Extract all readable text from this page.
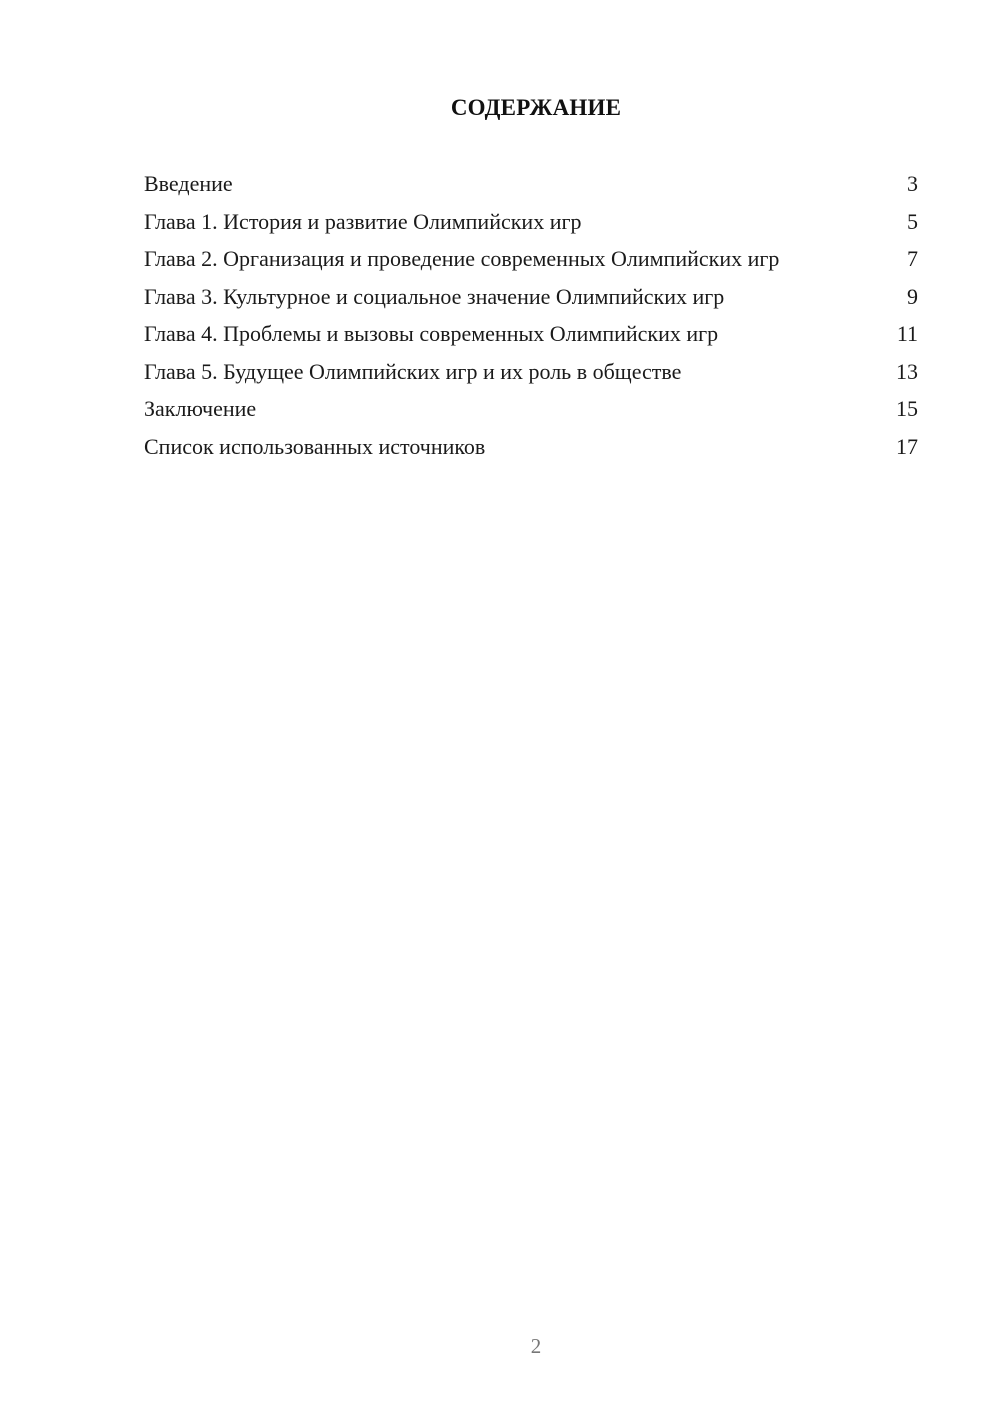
СОДЕРЖАНИЕ
Введение	3
Глава 1. История и развитие Олимпийских игр	5
Глава 2. Организация и проведение современных Олимпийских игр	7
Глава 3. Культурное и социальное значение Олимпийских игр	9
Глава 4. Проблемы и вызовы современных Олимпийских игр	11
Глава 5. Будущее Олимпийских игр и их роль в обществе	13
Заключение	15
Список использованных источников	17
2
